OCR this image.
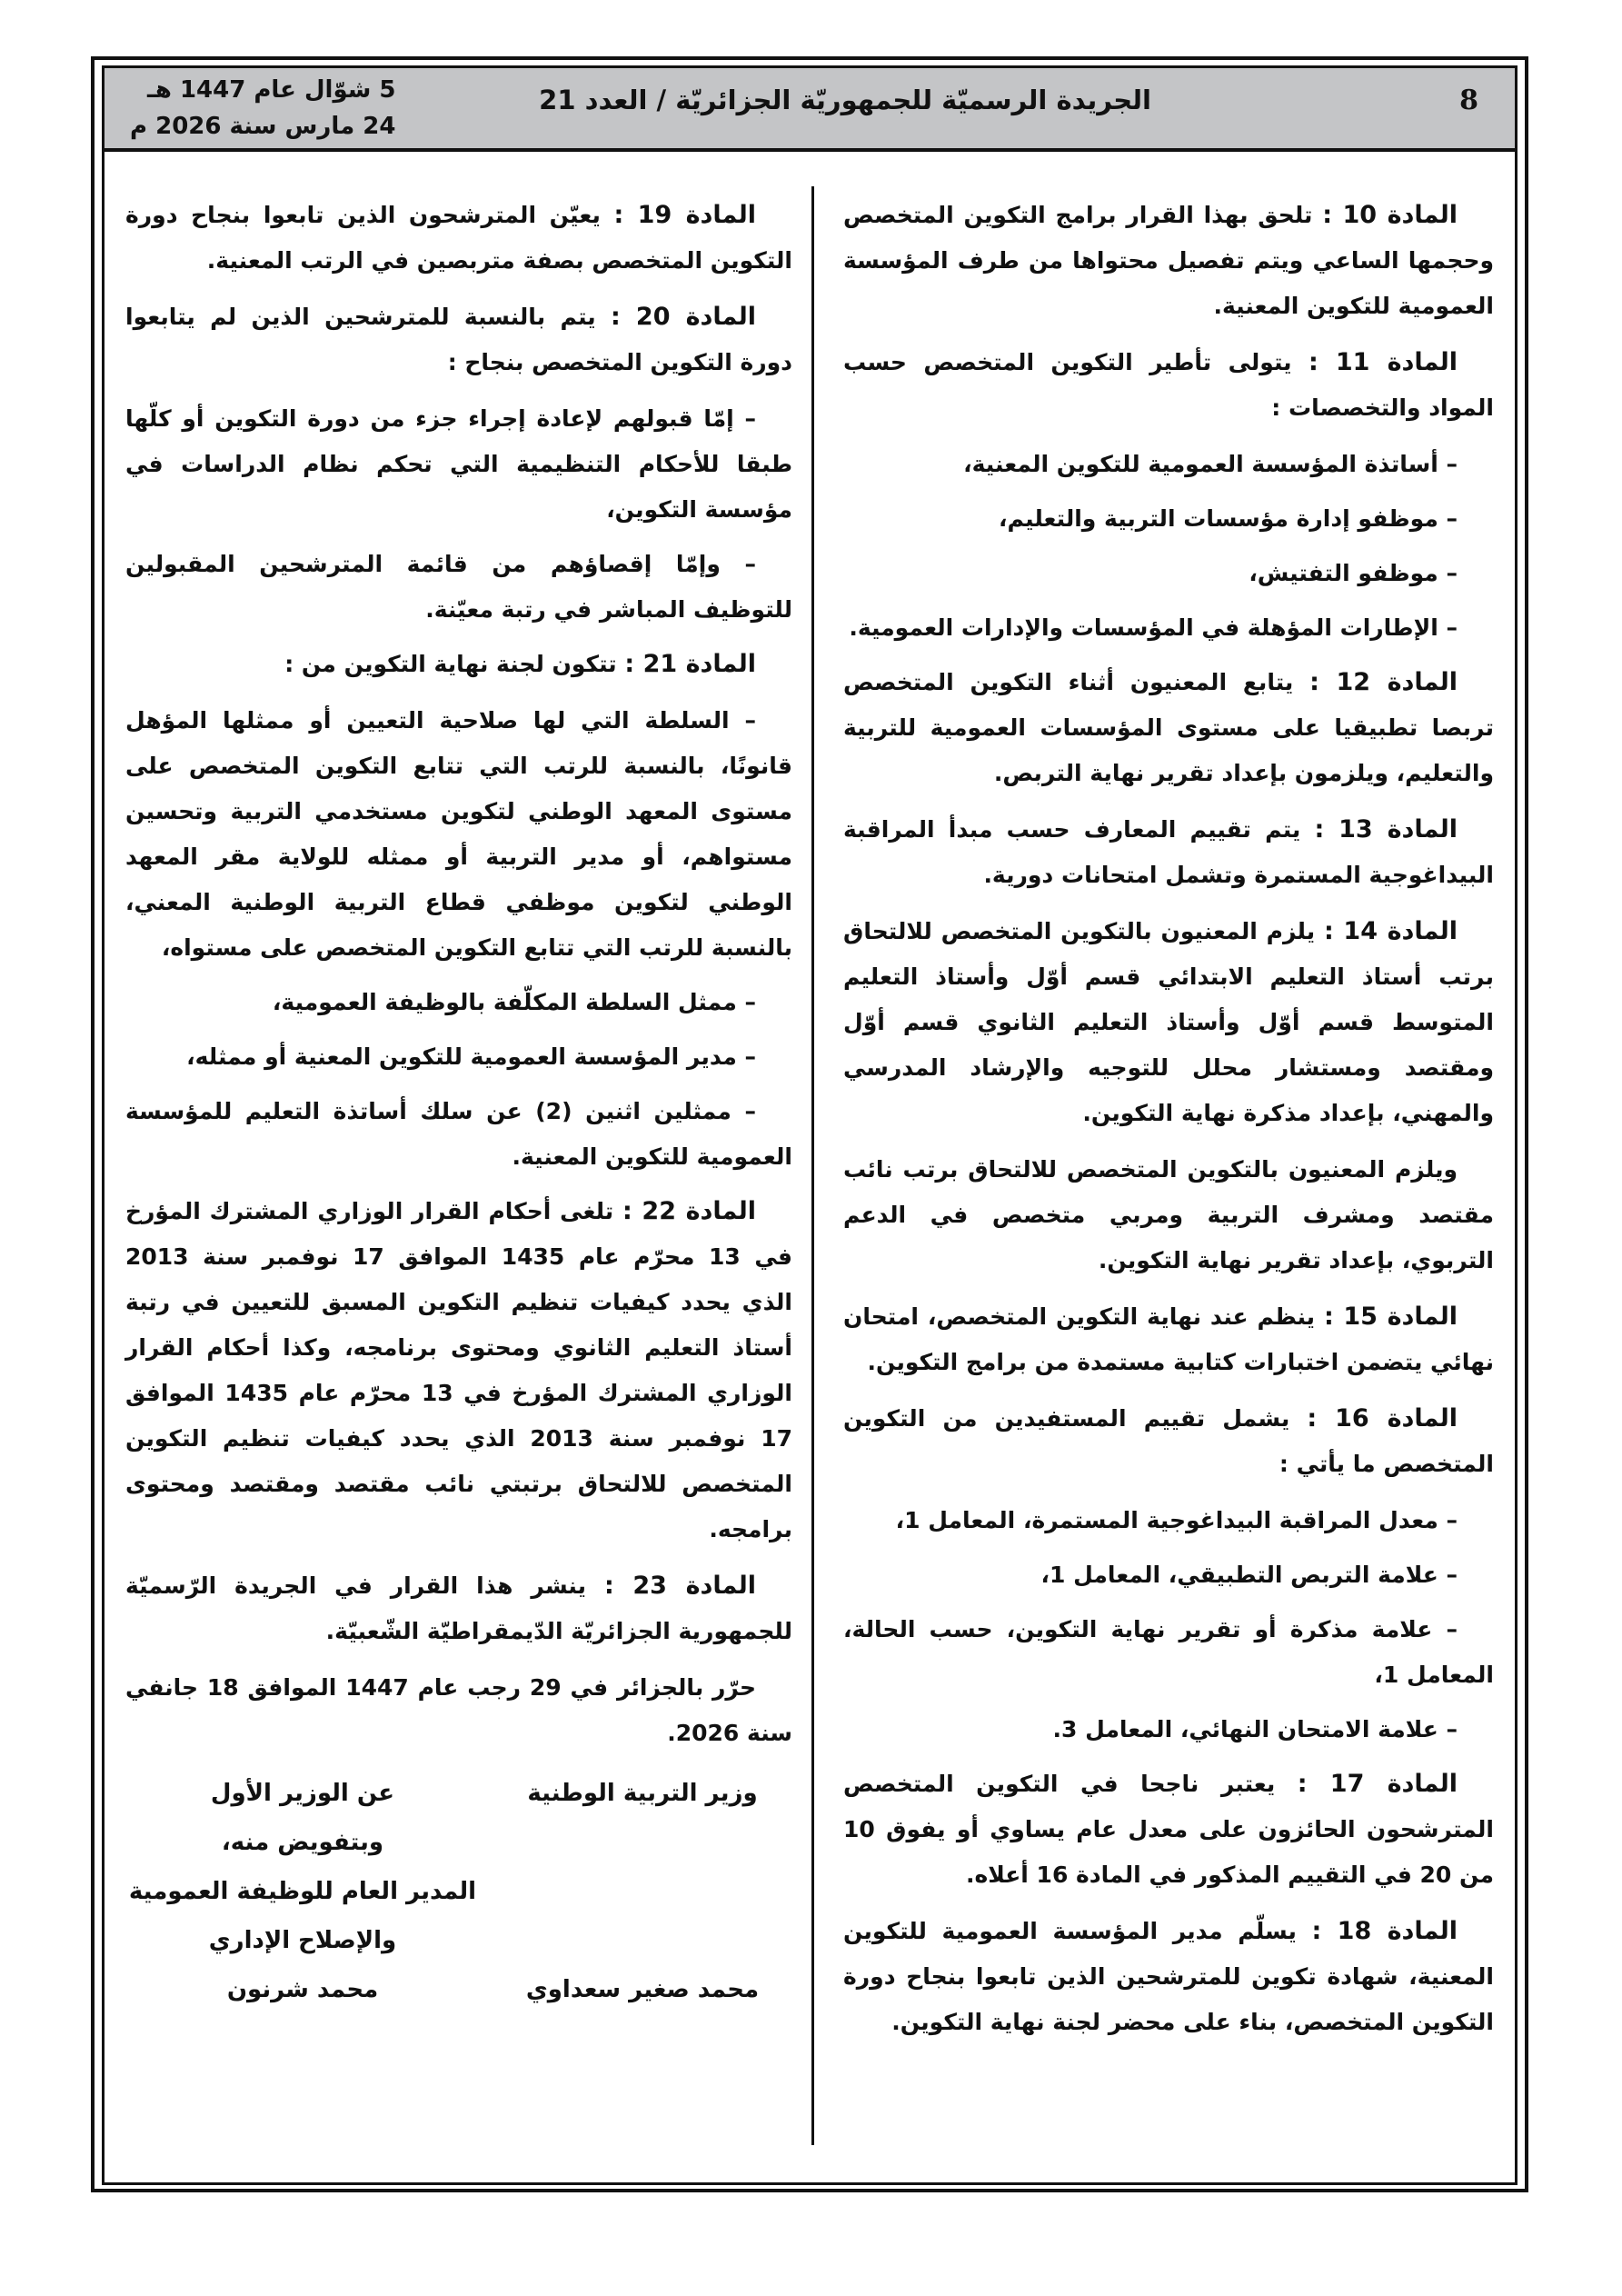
8
الجريدة الرسميّة للجمهوريّة الجزائريّة / العدد 21
5 شوّال عام 1447 هـ
24 مارس سنة 2026 م

المادة 10 : تلحق بهذا القرار برامج التكوين المتخصص وحجمها الساعي ويتم تفصيل محتواها من طرف المؤسسة العمومية للتكوين المعنية.

المادة 11 : يتولى تأطير التكوين المتخصص حسب المواد والتخصصات :

– أساتذة المؤسسة العمومية للتكوين المعنية،

– موظفو إدارة مؤسسات التربية والتعليم،

– موظفو التفتيش،

– الإطارات المؤهلة في المؤسسات والإدارات العمومية.

المادة 12 : يتابع المعنيون أثناء التكوين المتخصص تربصا تطبيقيا على مستوى المؤسسات العمومية للتربية والتعليم، ويلزمون بإعداد تقرير نهاية التربص.

المادة 13 : يتم تقييم المعارف حسب مبدأ المراقبة البيداغوجية المستمرة وتشمل امتحانات دورية.

المادة 14 : يلزم المعنيون بالتكوين المتخصص للالتحاق برتب أستاذ التعليم الابتدائي قسم أوّل وأستاذ التعليم المتوسط قسم أوّل وأستاذ التعليم الثانوي قسم أوّل ومقتصد ومستشار محلل للتوجيه والإرشاد المدرسي والمهني، بإعداد مذكرة نهاية التكوين.

ويلزم المعنيون بالتكوين المتخصص للالتحاق برتب نائب مقتصد ومشرف التربية ومربي متخصص في الدعم التربوي، بإعداد تقرير نهاية التكوين.

المادة 15 : ينظم عند نهاية التكوين المتخصص، امتحان نهائي يتضمن اختبارات كتابية مستمدة من برامج التكوين.

المادة 16 : يشمل تقييم المستفيدين من التكوين المتخصص ما يأتي :

– معدل المراقبة البيداغوجية المستمرة، المعامل 1،

– علامة التربص التطبيقي، المعامل 1،

– علامة مذكرة أو تقرير نهاية التكوين، حسب الحالة، المعامل 1،

– علامة الامتحان النهائي، المعامل 3.

المادة 17 : يعتبر ناجحا في التكوين المتخصص المترشحون الحائزون على معدل عام يساوي أو يفوق 10 من 20 في التقييم المذكور في المادة 16 أعلاه.

المادة 18 : يسلّم مدير المؤسسة العمومية للتكوين المعنية، شهادة تكوين للمترشحين الذين تابعوا بنجاح دورة التكوين المتخصص، بناء على محضر لجنة نهاية التكوين.

المادة 19 : يعيّن المترشحون الذين تابعوا بنجاح دورة التكوين المتخصص بصفة متربصين في الرتب المعنية.

المادة 20 : يتم بالنسبة للمترشحين الذين لم يتابعوا دورة التكوين المتخصص بنجاح :

– إمّا قبولهم لإعادة إجراء جزء من دورة التكوين أو كلّها طبقا للأحكام التنظيمية التي تحكم نظام الدراسات في مؤسسة التكوين،

– وإمّا إقصاؤهم من قائمة المترشحين المقبولين للتوظيف المباشر في رتبة معيّنة.

المادة 21 : تتكون لجنة نهاية التكوين من :

– السلطة التي لها صلاحية التعيين أو ممثلها المؤهل قانونًا، بالنسبة للرتب التي تتابع التكوين المتخصص على مستوى المعهد الوطني لتكوين مستخدمي التربية وتحسين مستواهم، أو مدير التربية أو ممثله للولاية مقر المعهد الوطني لتكوين موظفي قطاع التربية الوطنية المعني، بالنسبة للرتب التي تتابع التكوين المتخصص على مستواه،

– ممثل السلطة المكلّفة بالوظيفة العمومية،

– مدير المؤسسة العمومية للتكوين المعنية أو ممثله،

– ممثلين اثنين (2) عن سلك أساتذة التعليم للمؤسسة العمومية للتكوين المعنية.

المادة 22 : تلغى أحكام القرار الوزاري المشترك المؤرخ في 13 محرّم عام 1435 الموافق 17 نوفمبر سنة 2013 الذي يحدد كيفيات تنظيم التكوين المسبق للتعيين في رتبة أستاذ التعليم الثانوي ومحتوى برنامجه، وكذا أحكام القرار الوزاري المشترك المؤرخ في 13 محرّم عام 1435 الموافق 17 نوفمبر سنة 2013 الذي يحدد كيفيات تنظيم التكوين المتخصص للالتحاق برتبتي نائب مقتصد ومقتصد ومحتوى برامجه.

المادة 23 : ينشر هذا القرار في الجريدة الرّسميّة للجمهورية الجزائريّة الدّيمقراطيّة الشّعبيّة.

حرّر بالجزائر في 29 رجب عام 1447 الموافق 18 جانفي سنة 2026.

وزير التربية الوطنية
محمد صغير سعداوي
عن الوزير الأول
وبتفويض منه،
المدير العام للوظيفة العمومية
والإصلاح الإداري
محمد شرنون
